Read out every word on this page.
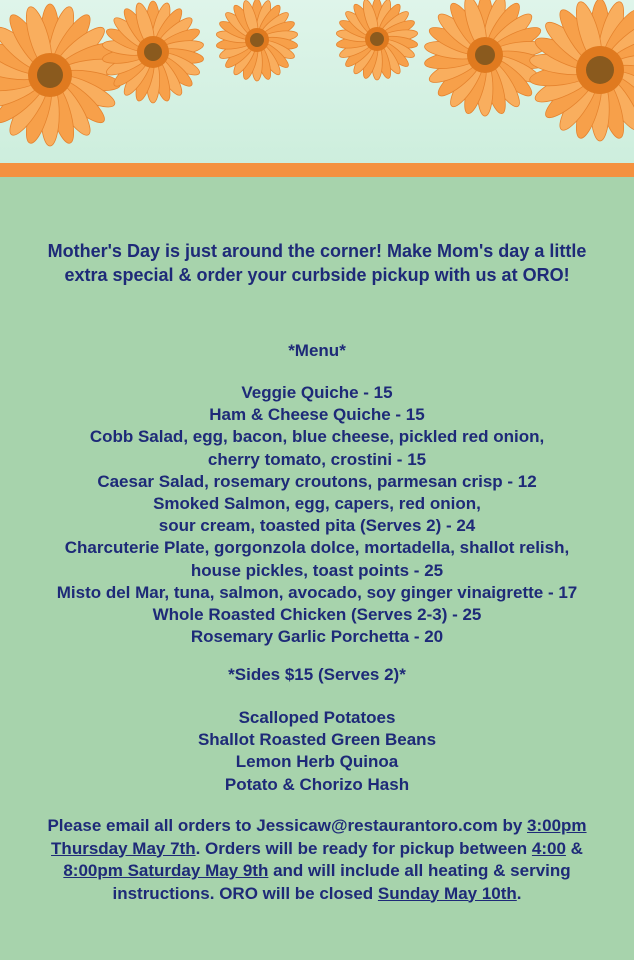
Mother's Day is just around the corner! Make Mom's day a little extra special & order your curbside pickup with us at ORO!
*Menu*
Veggie Quiche - 15
Ham & Cheese Quiche - 15
Cobb Salad, egg, bacon, blue cheese, pickled red onion,
cherry tomato, crostini - 15
Caesar Salad, rosemary croutons, parmesan crisp - 12
Smoked Salmon, egg, capers, red onion,
sour cream, toasted pita (Serves 2) - 24
Charcuterie Plate, gorgonzola dolce, mortadella, shallot relish,
house pickles, toast points - 25
Misto del Mar, tuna, salmon, avocado, soy ginger vinaigrette - 17
Whole Roasted Chicken (Serves 2-3) - 25
Rosemary Garlic Porchetta - 20
*Sides $15 (Serves 2)*
Scalloped Potatoes
Shallot Roasted Green Beans
Lemon Herb Quinoa
Potato & Chorizo Hash
Please email all orders to Jessicaw@restaurantoro.com by 3:00pm Thursday May 7th. Orders will be ready for pickup between 4:00 & 8:00pm Saturday May 9th and will include all heating & serving instructions. ORO will be closed Sunday May 10th.
